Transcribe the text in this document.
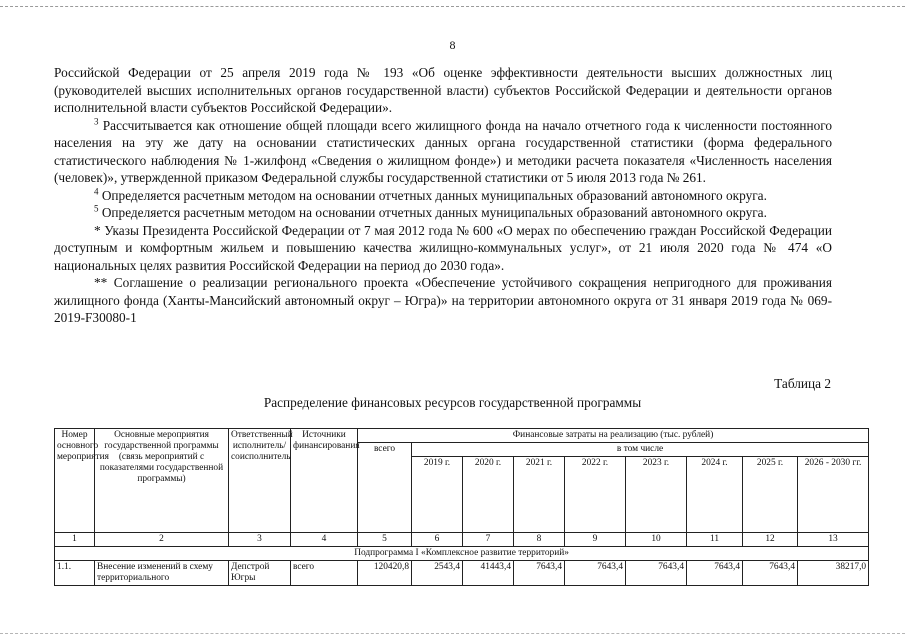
8

Российской Федерации от 25 апреля 2019 года № 193 «Об оценке эффективности деятельности высших должностных лиц (руководителей высших исполнительных органов государственной власти) субъектов Российской Федерации и деятельности органов исполнительной власти субъектов Российской Федерации».

$^3$ Рассчитывается как отношение общей площади всего жилищного фонда на начало отчетного года к численности постоянного населения на эту же дату на основании статистических данных органа государственной статистики (форма федерального статистического наблюдения № 1-жилфонд «Сведения о жилищном фонде») и методики расчета показателя «Численность населения (человек)», утвержденной приказом Федеральной службы государственной статистики от 5 июля 2013 года № 261.

$^4$ Определяется расчетным методом на основании отчетных данных муниципальных образований автономного округа.

$^5$ Определяется расчетным методом на основании отчетных данных муниципальных образований автономного округа.

* Указы Президента Российской Федерации от 7 мая 2012 года № 600 «О мерах по обеспечению граждан Российской Федерации доступным и комфортным жильем и повышению качества жилищно-коммунальных услуг», от 21 июля 2020 года № 474 «О национальных целях развития Российской Федерации на период до 2030 года».

** Соглашение о реализации регионального проекта «Обеспечение устойчивого сокращения непригодного для проживания жилищного фонда (Ханты-Мансийский автономный округ – Югра)» на территории автономного округа от 31 января 2019 года № 069-2019-F30080-1

Таблица 2
Распределение финансовых ресурсов государственной программы
Номер основного мероприятия	Основные мероприятия государственной программы (связь мероприятий с показателями государственной программы)	Ответственный исполнитель/соисполнитель	Источники финансирования	Финансовые затраты на реализацию (тыс. рублей)								
				всего	в том числе							
					2019 г.	2020 г.	2021 г.	2022 г.	2023 г.	2024 г.	2025 г.	2026 - 2030 гг.
1	2	3	4	5	6	7	8	9	10	11	12	13
Подпрограмма I «Комплексное развитие территорий»												
1.1.	Внесение изменений в схему территориального	Депстрой Югры	всего	120420,8	2543,4	41443,4	7643,4	7643,4	7643,4	7643,4	7643,4	38217,0
